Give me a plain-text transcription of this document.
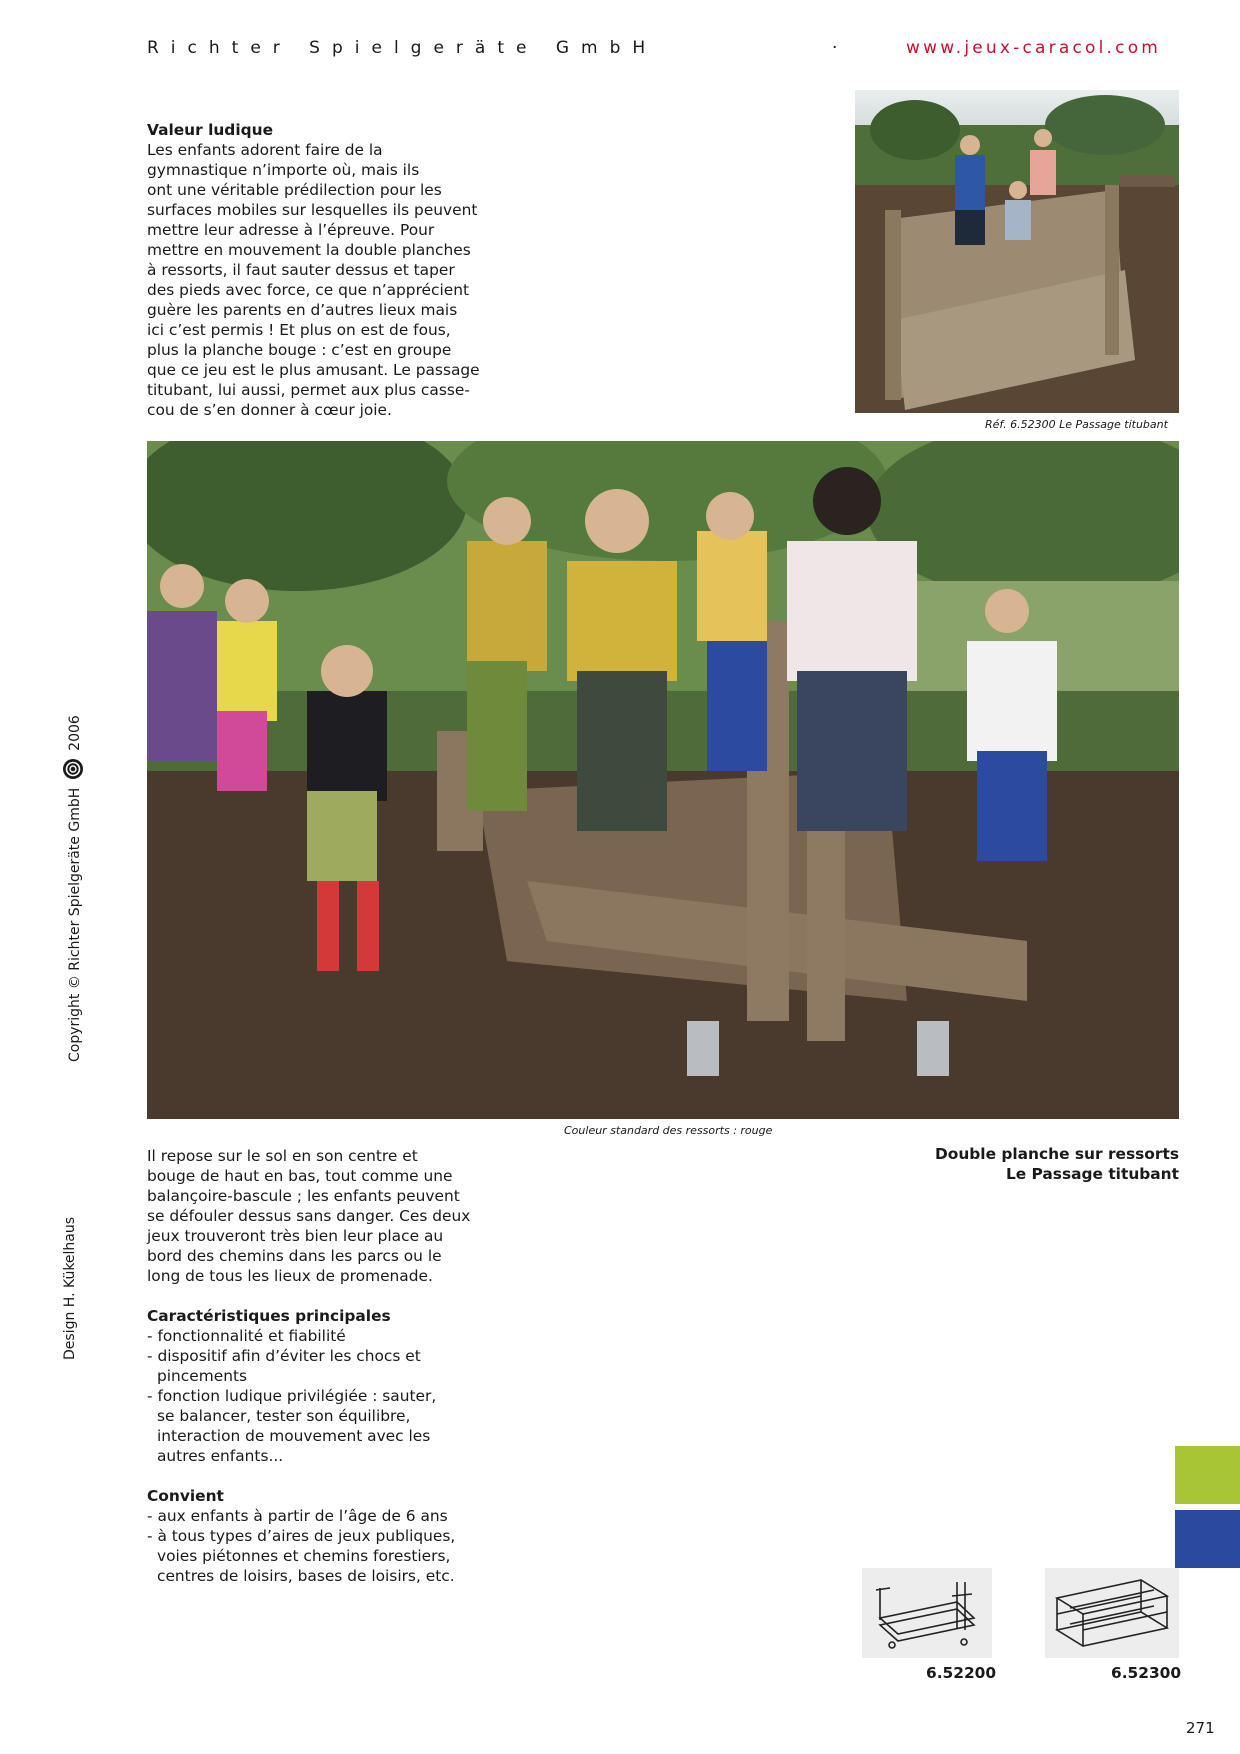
Richter Spielgeräte GmbH	·	www.jeux-caracol.com
Copyright © Richter Spielgeräte GmbH  2006
Design H. Kükelhaus
Valeur ludique
Les enfants adorent faire de la
gymnastique n’importe où, mais ils
ont une véritable prédilection pour les
surfaces mobiles sur lesquelles ils peuvent
mettre leur adresse à l’épreuve. Pour
mettre en mouvement la double planches
à ressorts, il faut sauter dessus et taper
des pieds avec force, ce que n’apprécient
guère les parents en d’autres lieux mais
ici c’est permis ! Et plus on est de fous,
plus la planche bouge : c’est en groupe
que ce jeu est le plus amusant. Le passage
titubant, lui aussi, permet aux plus casse-
cou de s’en donner à cœur joie.
Réf. 6.52300 Le Passage titubant
Couleur standard des ressorts : rouge
Double planche sur ressorts
Le Passage titubant
Il repose sur le sol en son centre et
bouge de haut en bas, tout comme une
balançoire-bascule ; les enfants peuvent
se défouler dessus sans danger. Ces deux
jeux trouveront très bien leur place au
bord des chemins dans les parcs ou le
long de tous les lieux de promenade.
Caractéristiques principales
- fonctionnalité et fiabilité
- dispositif afin d’éviter les chocs et
pincements
- fonction ludique privilégiée : sauter,
se balancer, tester son équilibre,
interaction de mouvement avec les
autres enfants...
Convient
- aux enfants à partir de l’âge de 6 ans
- à tous types d’aires de jeux publiques,
voies piétonnes et chemins forestiers,
centres de loisirs, bases de loisirs, etc.
6.52200	6.52300
271
